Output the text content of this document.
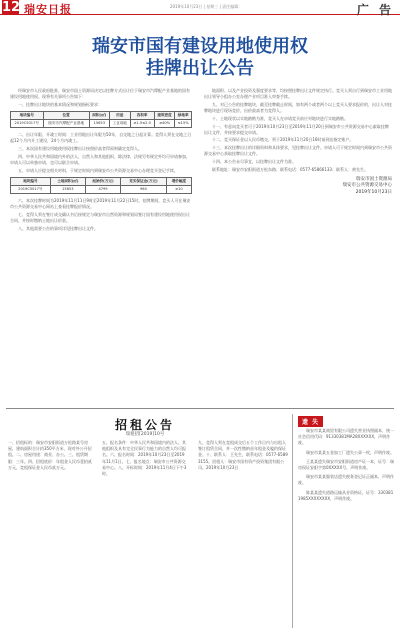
12 瑞安日报	2019年10月23日 | 星期三 | 责任编辑：	广 告
瑞安市国有建设用地使用权
挂牌出让公告

经瑞安市人民政府批准，瑞安市国土资源局决定以挂牌方式出让位于瑞安市汽摩配产业基地的国有建设用地使用权。现将有关事项公告如下：

一、挂牌出让地块的基本情况和规划指标要求：

地块编号	位置	面积(㎡)	用途	容积率	建筑密度	绿地率
2019C5017号	瑞安市汽摩配产业基地	15653	工业用地	≥1.5≤2.0	≥40%	≤15%

二、出让年限、开竣工时间：工业用地出让年限为50年，自交地之日起计算。竞得人须在交地之日起12个月内开工建设，24个月内竣工。

三、本次国有建设用地使用权挂牌出让按照价高者得原则确定竞得人。

四、中华人民共和国境内外的法人、自然人和其他组织，除法律、法规另有规定外均可申请参加，申请人可以单独申请，也可以联合申请。

五、申请人应提交相关材料，于规定时间内到瑞安市公共资源交易中心办理竞买登记手续。

地块编号	土地面积(㎡)	起始价(万元)	竞买保证金(万元)	增价幅度
2019C5017号	15653	4799	960	≥10

六、本次挂牌时间为2019年11月11日9时至2019年11月22日15时。挂牌期间，竞买人可在瑞安市公共资源交易中心网站上查看挂牌报价情况。

七、竞得人须在签订成交确认书后按规定与瑞安市自然资源和规划局签订国有建设用地使用权出让合同，并按时缴纳土地出让价款。

八、其他需要公告的事项详见挂牌出让文件。

地面积、以及产业投资及强度要求等，均按照挂牌出让文件规定执行。竞买人须自行到瑞安市工业用地出让领导小组办公室办理产业项目准入审查手续。

九、对已公告的挂牌地块，截至挂牌截止时间，如有两个或者两个以上竞买人要求报价的，出让人对挂牌地块进行现场竞价，出价最高者为竞得人。

十、土地现状以实地踏勘为准，竞买人在申请竞买前应对地块进行实地踏勘。

十一、有意向竞买者可于2019年10月23日至2019年11月20日到瑞安市公共资源交易中心索取挂牌出让文件，并按要求提交申请。

十二、竞买保证金以人民币缴交，须于2019年11月20日16时前到达指定账户。

十三、本次挂牌出让的详细资料和具体要求，见挂牌出让文件。申请人可于规定时间内到瑞安市公共资源交易中心获取挂牌出让文件。

十四、本公告未尽事宜，以挂牌出让文件为准。

联系地址：瑞安市安阳街道万松东路；联系电话：0577-65866133；联系人：黄先生。

瑞安市国土资源局
瑞安市公共资源交易中心
2019年10月23日
招租公告
瑞租招[2019]10号

一、招租标的：瑞安市安阳街道万松路某号房屋，建筑面积合计约350平方米，现对外公开招租。二、房屋用途：商业、办公。三、租赁期限：三年。四、招租底价：年租金人民币壹拾贰万元，竞租保证金人民币贰万元。

五、报名条件：中华人民共和国境内的法人、其他组织及具有完全民事行为能力的自然人均可报名。六、报名时间：2019年10月23日至2019年11月1日。七、报名地点：瑞安市公共资源交易中心。八、开标时间：2019年11月4日下午3时。

九、竞得人须在竞租成交后五个工作日内与出租人签订租赁合同，并一次性缴纳首年租金及履约保证金。十、联系人：王先生，联系电话：0577-65893155。招租人：瑞安市国有资产投资集团有限公司。2019年10月23日

遗 失

瑞安市某某商贸有限公司遗失营业执照副本，统一社会信用代码：91330381MA28XXXXXX，声明作废。

瑞安市某某五金加工厂遗失公章一枚，声明作废。

王某某遗失瑞安市安阳街道房产证一本，证号：瑞房权证安阳字第0XXXXX号，声明作废。

瑞安市某某服装店遗失税务登记证正副本，声明作废。

陈某某遗失道路运输从业资格证，证号：3303811985XXXXXXXX，声明作废。
